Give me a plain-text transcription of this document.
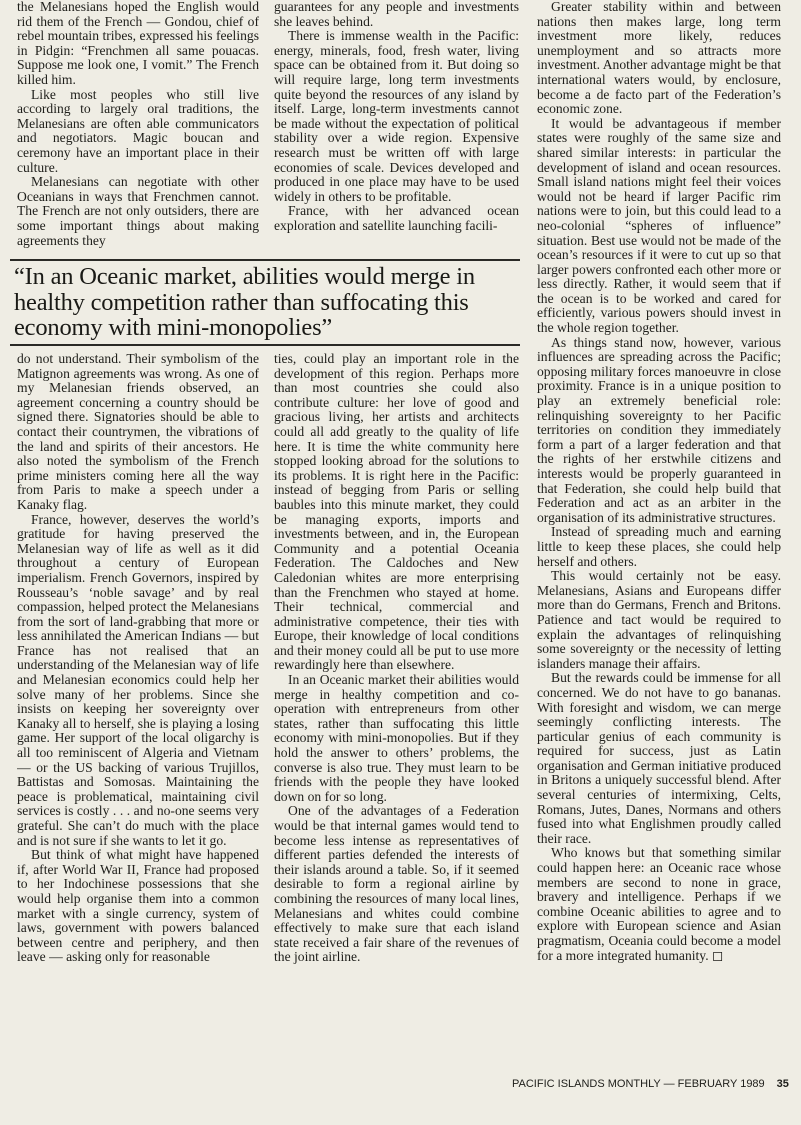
the Melanesians hoped the English would rid them of the French — Gondou, chief of rebel mountain tribes, expressed his feelings in Pidgin: “Frenchmen all same pouacas. Suppose me look one, I vomit.” The French killed him.

Like most peoples who still live according to largely oral traditions, the Melanesians are often able communicators and negotiators. Magic boucan and ceremony have an important place in their culture.

Melanesians can negotiate with other Oceanians in ways that Frenchmen cannot. The French are not only outsiders, there are some important things about making agreements they

guarantees for any people and investments she leaves behind.

There is immense wealth in the Pacific: energy, minerals, food, fresh water, living space can be obtained from it. But doing so will require large, long term investments quite beyond the resources of any island by itself. Large, long-term investments cannot be made without the expectation of political stability over a wide region. Expensive research must be written off with large economies of scale. Devices developed and produced in one place may have to be used widely in others to be profitable.

France, with her advanced ocean exploration and satellite launching facili-

“In an Oceanic market, abilities would merge in healthy competition rather than suffocating this economy with mini-monopolies”

do not understand. Their symbolism of the Matignon agreements was wrong. As one of my Melanesian friends observed, an agreement concerning a country should be signed there. Signatories should be able to contact their countrymen, the vibrations of the land and spirits of their ancestors. He also noted the symbolism of the French prime ministers coming here all the way from Paris to make a speech under a Kanaky flag.

France, however, deserves the world’s gratitude for having preserved the Melanesian way of life as well as it did throughout a century of European imperialism. French Governors, inspired by Rousseau’s ‘noble savage’ and by real compassion, helped protect the Melanesians from the sort of land-grabbing that more or less annihilated the American Indians — but France has not realised that an understanding of the Melanesian way of life and Melanesian economics could help her solve many of her problems. Since she insists on keeping her sovereignty over Kanaky all to herself, she is playing a losing game. Her support of the local oligarchy is all too reminiscent of Algeria and Vietnam — or the US backing of various Trujillos, Battistas and Somosas. Maintaining the peace is problematical, maintaining civil services is costly . . . and no-one seems very grateful. She can’t do much with the place and is not sure if she wants to let it go.

But think of what might have happened if, after World War II, France had proposed to her Indochinese possessions that she would help organise them into a common market with a single currency, system of laws, government with powers balanced between centre and periphery, and then leave — asking only for reasonable

ties, could play an important role in the development of this region. Perhaps more than most countries she could also contribute culture: her love of good and gracious living, her artists and architects could all add greatly to the quality of life here. It is time the white community here stopped looking abroad for the solutions to its problems. It is right here in the Pacific: instead of begging from Paris or selling baubles into this minute market, they could be managing exports, imports and investments between, and in, the European Community and a potential Oceania Federation. The Caldoches and New Caledonian whites are more enterprising than the Frenchmen who stayed at home. Their technical, commercial and administrative competence, their ties with Europe, their knowledge of local conditions and their money could all be put to use more rewardingly here than elsewhere.

In an Oceanic market their abilities would merge in healthy competition and co-operation with entrepreneurs from other states, rather than suffocating this little economy with mini-monopolies. But if they hold the answer to others’ problems, the converse is also true. They must learn to be friends with the people they have looked down on for so long.

One of the advantages of a Federation would be that internal games would tend to become less intense as representatives of different parties defended the interests of their islands around a table. So, if it seemed desirable to form a regional airline by combining the resources of many local lines, Melanesians and whites could combine effectively to make sure that each island state received a fair share of the revenues of the joint airline.

Greater stability within and between nations then makes large, long term investment more likely, reduces unemployment and so attracts more investment. Another advantage might be that international waters would, by enclosure, become a de facto part of the Federation’s economic zone.

It would be advantageous if member states were roughly of the same size and shared similar interests: in particular the development of island and ocean resources. Small island nations might feel their voices would not be heard if larger Pacific rim nations were to join, but this could lead to a neo-colonial “spheres of influence” situation. Best use would not be made of the ocean’s resources if it were to cut up so that larger powers confronted each other more or less directly. Rather, it would seem that if the ocean is to be worked and cared for efficiently, various powers should invest in the whole region together.

As things stand now, however, various influences are spreading across the Pacific; opposing military forces manoeuvre in close proximity. France is in a unique position to play an extremely beneficial role: relinquishing sovereignty to her Pacific territories on condition they immediately form a part of a larger federation and that the rights of her erstwhile citizens and interests would be properly guaranteed in that Federation, she could help build that Federation and act as an arbiter in the organisation of its administrative structures.

Instead of spreading much and earning little to keep these places, she could help herself and others.

This would certainly not be easy. Melanesians, Asians and Europeans differ more than do Germans, French and Britons. Patience and tact would be required to explain the advantages of relinquishing some sovereignty or the necessity of letting islanders manage their affairs.

But the rewards could be immense for all concerned. We do not have to go bananas. With foresight and wisdom, we can merge seemingly conflicting interests. The particular genius of each community is required for success, just as Latin organisation and German initiative produced in Britons a uniquely successful blend. After several centuries of intermixing, Celts, Romans, Jutes, Danes, Normans and others fused into what Englishmen proudly called their race.

Who knows but that something similar could happen here: an Oceanic race whose members are second to none in grace, bravery and intelligence. Perhaps if we combine Oceanic abilities to agree and to explore with European science and Asian pragmatism, Oceania could become a model for a more integrated humanity. ◻

PACIFIC ISLANDS MONTHLY — FEBRUARY 1989 35
